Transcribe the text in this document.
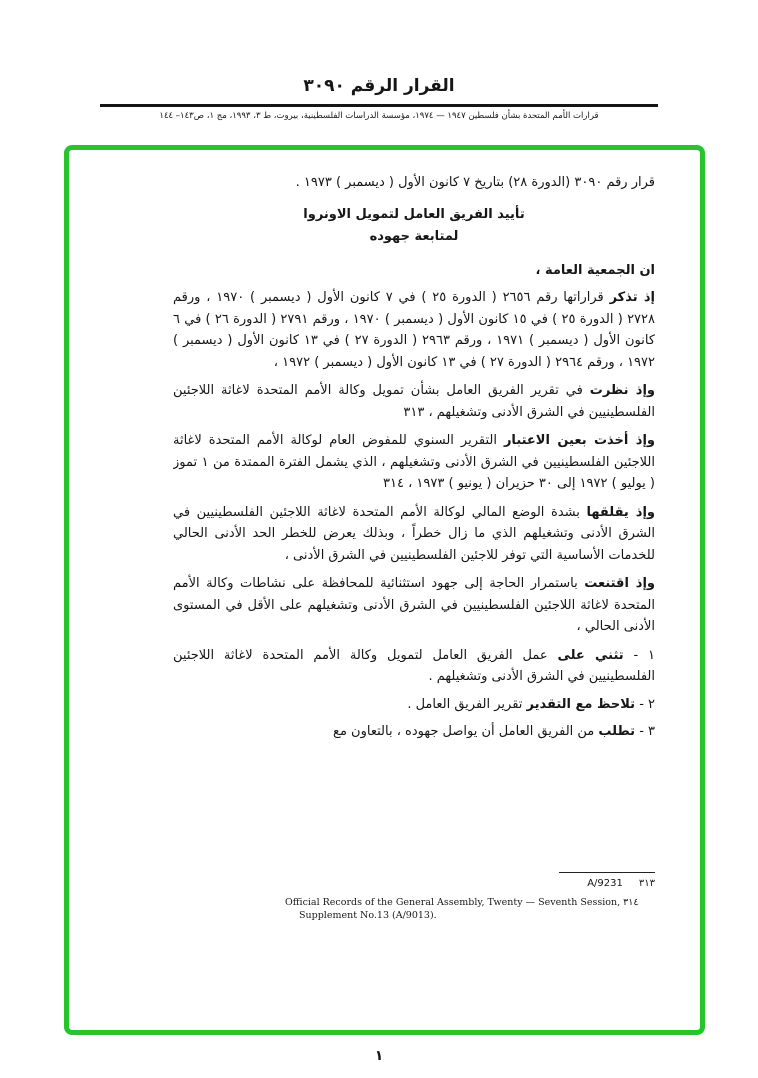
القرار الرقم ٣٠٩٠
قرارات الأمم المتحدة بشأن فلسطين ١٩٤٧ — ١٩٧٤، مؤسسة الدراسات الفلسطينية، بيروت، ط ٣، ١٩٩٣، مج ١، ص١٤٣– ١٤٤

قرار رقم ٣٠٩٠ (الدورة ٢٨) بتاريخ ٧ كانون الأول ( ديسمبر ) ١٩٧٣ .

تأييد الفريق العامل لتمويل الاونروا
لمتابعة جهوده

ان الجمعية العامة ،

إذ تذكر قراراتها رقم ٢٦٥٦ ( الدورة ٢٥ ) في ٧ كانون الأول ( ديسمبر ) ١٩٧٠ ، ورقم ٢٧٢٨ ( الدورة ٢٥ ) في ١٥ كانون الأول ( ديسمبر ) ١٩٧٠ ، ورقم ٢٧٩١ ( الدورة ٢٦ ) في ٦ كانون الأول ( ديسمبر ) ١٩٧١ ، ورقم ٢٩٦٣ ( الدورة ٢٧ ) في ١٣ كانون الأول ( ديسمبر ) ١٩٧٢ ، ورقم ٢٩٦٤ ( الدورة ٢٧ ) في ١٣ كانون الأول ( ديسمبر ) ١٩٧٢ ،

وإذ نظرت في تقرير الفريق العامل بشأن تمويل وكالة الأمم المتحدة لاغاثة اللاجئين الفلسطينيين في الشرق الأدنى وتشغيلهم ، ٣١٣

وإذ أخذت بعين الاعتبار التقرير السنوي للمفوض العام لوكالة الأمم المتحدة لاغاثة اللاجئين الفلسطينيين في الشرق الأدنى وتشغيلهم ، الذي يشمل الفترة الممتدة من ١ تموز ( يوليو ) ١٩٧٢ إلى ٣٠ حزيران ( يونيو ) ١٩٧٣ ، ٣١٤

وإذ يقلقها بشدة الوضع المالي لوكالة الأمم المتحدة لاغاثة اللاجئين الفلسطينيين في الشرق الأدنى وتشغيلهم الذي ما زال خطراً ، وبذلك يعرض للخطر الحد الأدنى الحالي للخدمات الأساسية التي توفر للاجئين الفلسطينيين في الشرق الأدنى ،

وإذ اقتنعت باستمرار الحاجة إلى جهود استثنائية للمحافظة على نشاطات وكالة الأمم المتحدة لاغاثة اللاجئين الفلسطينيين في الشرق الأدنى وتشغيلهم على الأقل في المستوى الأدنى الحالي ،

١ - تثني على عمل الفريق العامل لتمويل وكالة الأمم المتحدة لاغاثة اللاجئين الفلسطينيين في الشرق الأدنى وتشغيلهم .

٢ - تلاحظ مع التقدير تقرير الفريق العامل .

٣ - تطلب من الفريق العامل أن يواصل جهوده ، بالتعاون مع

A/9231 ٣١٣
Official Records of the General Assembly, Twenty — Seventh Session, ٣١٤
Supplement No.13 (A/9013).
١
